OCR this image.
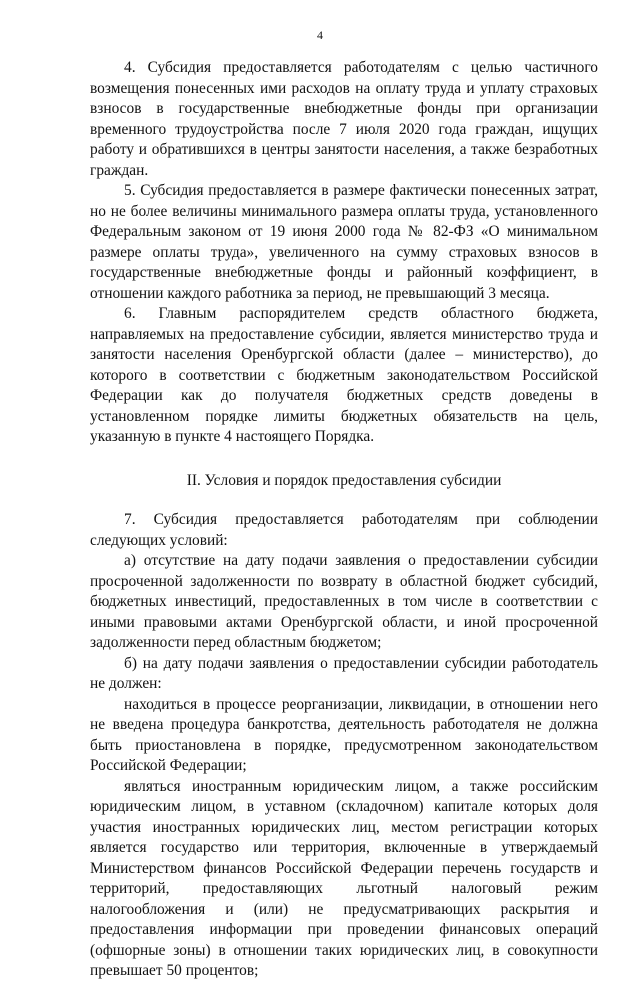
4

4. Субсидия предоставляется работодателям с целью частичного возмещения понесенных ими расходов на оплату труда и уплату страховых взносов в государственные внебюджетные фонды при организации временного трудоустройства после 7 июля 2020 года граждан, ищущих работу и обратившихся в центры занятости населения, а также безработных граждан.

5. Субсидия предоставляется в размере фактически понесенных затрат, но не более величины минимального размера оплаты труда, установленного Федеральным законом от 19 июня 2000 года № 82-ФЗ «О минимальном размере оплаты труда», увеличенного на сумму страховых взносов в государственные внебюджетные фонды и районный коэффициент, в отношении каждого работника за период, не превышающий 3 месяца.

6. Главным распорядителем средств областного бюджета, направляемых на предоставление субсидии, является министерство труда и занятости населения Оренбургской области (далее – министерство), до которого в соответствии с бюджетным законодательством Российской Федерации как до получателя бюджетных средств доведены в установленном порядке лимиты бюджетных обязательств на цель, указанную в пункте 4 настоящего Порядка.

II. Условия и порядок предоставления субсидии

7. Субсидия предоставляется работодателям при соблюдении следующих условий:

а) отсутствие на дату подачи заявления о предоставлении субсидии просроченной задолженности по возврату в областной бюджет субсидий, бюджетных инвестиций, предоставленных в том числе в соответствии с иными правовыми актами Оренбургской области, и иной просроченной задолженности перед областным бюджетом;

б) на дату подачи заявления о предоставлении субсидии работодатель не должен:

находиться в процессе реорганизации, ликвидации, в отношении него не введена процедура банкротства, деятельность работодателя не должна быть приостановлена в порядке, предусмотренном законодательством Российской Федерации;

являться иностранным юридическим лицом, а также российским юридическим лицом, в уставном (складочном) капитале которых доля участия иностранных юридических лиц, местом регистрации которых является государство или территория, включенные в утверждаемый Министерством финансов Российской Федерации перечень государств и территорий, предоставляющих льготный налоговый режим налогообложения и (или) не предусматривающих раскрытия и предоставления информации при проведении финансовых операций (офшорные зоны) в отношении таких юридических лиц, в совокупности превышает 50 процентов;
